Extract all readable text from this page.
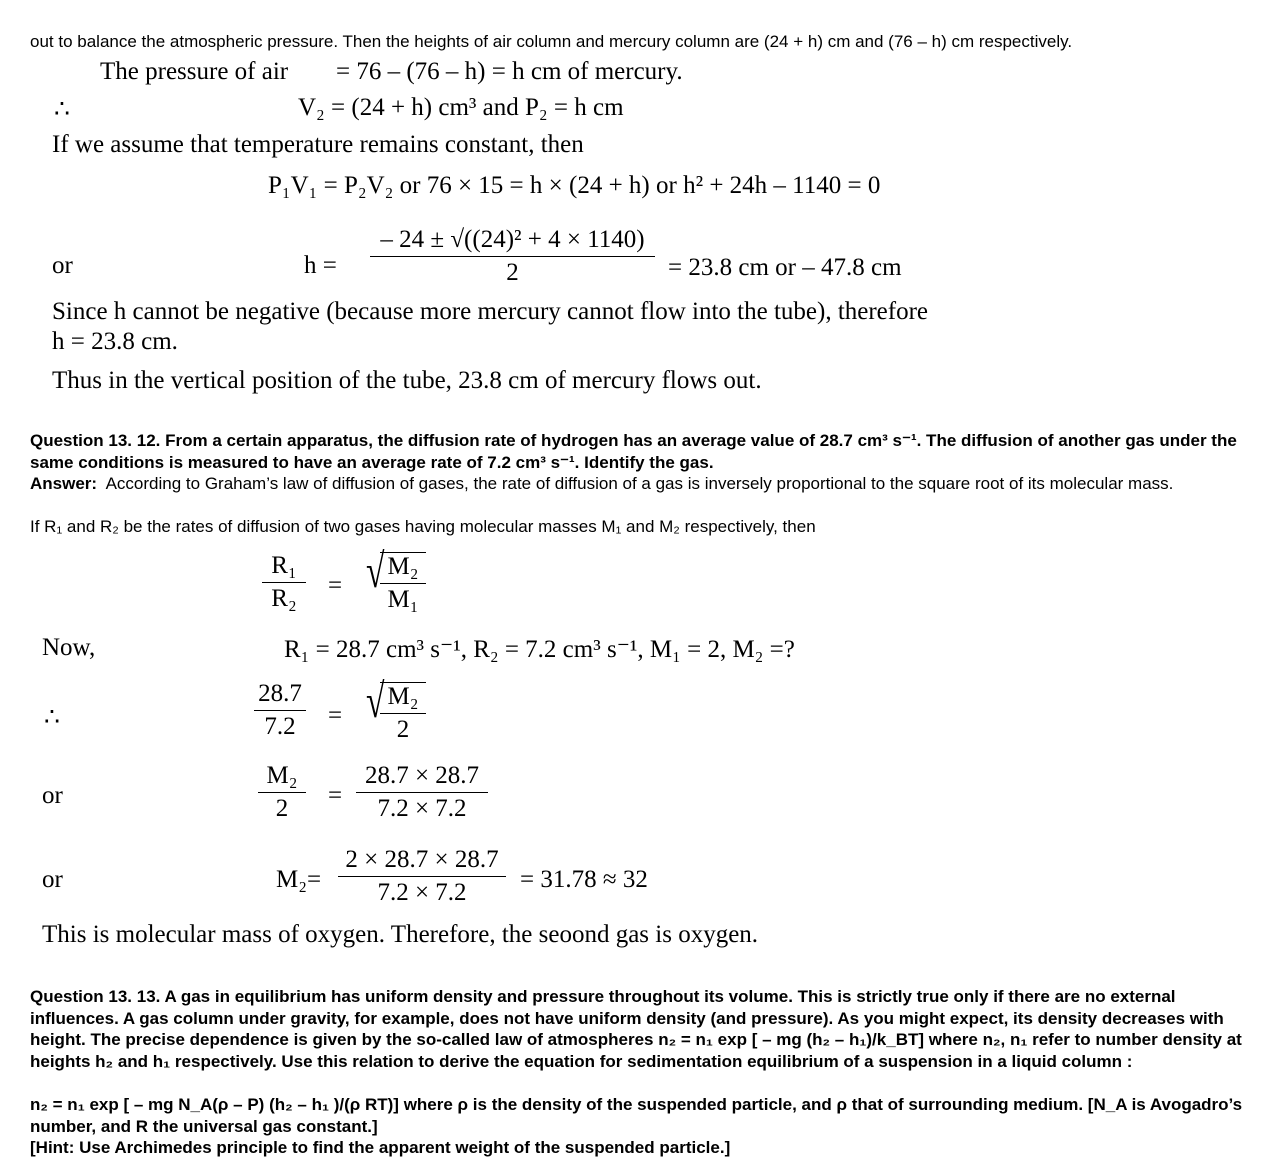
out to balance the atmospheric pressure. Then the heights of air column and mercury column are (24 + h) cm and (76 – h) cm respectively.
The pressure of air = 76 – (76 – h) = h cm of mercury.
∴	V₂ = (24 + h) cm³ and P₂ = h cm
If we assume that temperature remains constant, then
P₁V₁ = P₂V₂ or 76 × 15 = h × (24 + h) or h² + 24h – 1140 = 0
or	h =
– 24 ± √((24)² + 4 × 1140)
2	= 23.8 cm or – 47.8 cm
Since h cannot be negative (because more mercury cannot flow into the tube), therefore
h = 23.8 cm.
Thus in the vertical position of the tube, 23.8 cm of mercury flows out.
Question 13. 12. From a certain apparatus, the diffusion rate of hydrogen has an average value of 28.7 cm³ s⁻¹. The diffusion of another gas under the same conditions is measured to have an average rate of 7.2 cm³ s⁻¹. Identify the gas.
Answer: According to Graham’s law of diffusion of gases, the rate of diffusion of a gas is inversely proportional to the square root of its molecular mass.
If R₁ and R₂ be the rates of diffusion of two gases having molecular masses M₁ and M₂ respectively, then
R₁
R₂	= √ M₂
M₁
Now,	R₁ = 28.7 cm³ s⁻¹, R₂ = 7.2 cm³ s⁻¹, M₁ = 2, M₂ =?
∴
28.7
7.2	= √ M₂
2
or
M₂
2	=
28.7 × 28.7
7.2 × 7.2
or	M₂=
2 × 28.7 × 28.7
7.2 × 7.2	= 31.78 ≈ 32
This is molecular mass of oxygen. Therefore, the seoond gas is oxygen.
Question 13. 13. A gas in equilibrium has uniform density and pressure throughout its volume. This is strictly true only if there are no external influences. A gas column under gravity, for example, does not have uniform density (and pressure). As you might expect, its density decreases with height. The precise dependence is given by the so-called law of atmospheres n₂ = n₁ exp [ – mg (h₂ – h₁)/k_BT] where n₂, n₁ refer to number density at heights h₂ and h₁ respectively. Use this relation to derive the equation for sedimentation equilibrium of a suspension in a liquid column :
n₂ = n₁ exp [ – mg N_A(ρ – P) (h₂ – h₁ )/(ρ RT)] where ρ is the density of the suspended particle, and ρ that of surrounding medium. [N_A is Avogadro’s number, and R the universal gas constant.]
[Hint: Use Archimedes principle to find the apparent weight of the suspended particle.]
